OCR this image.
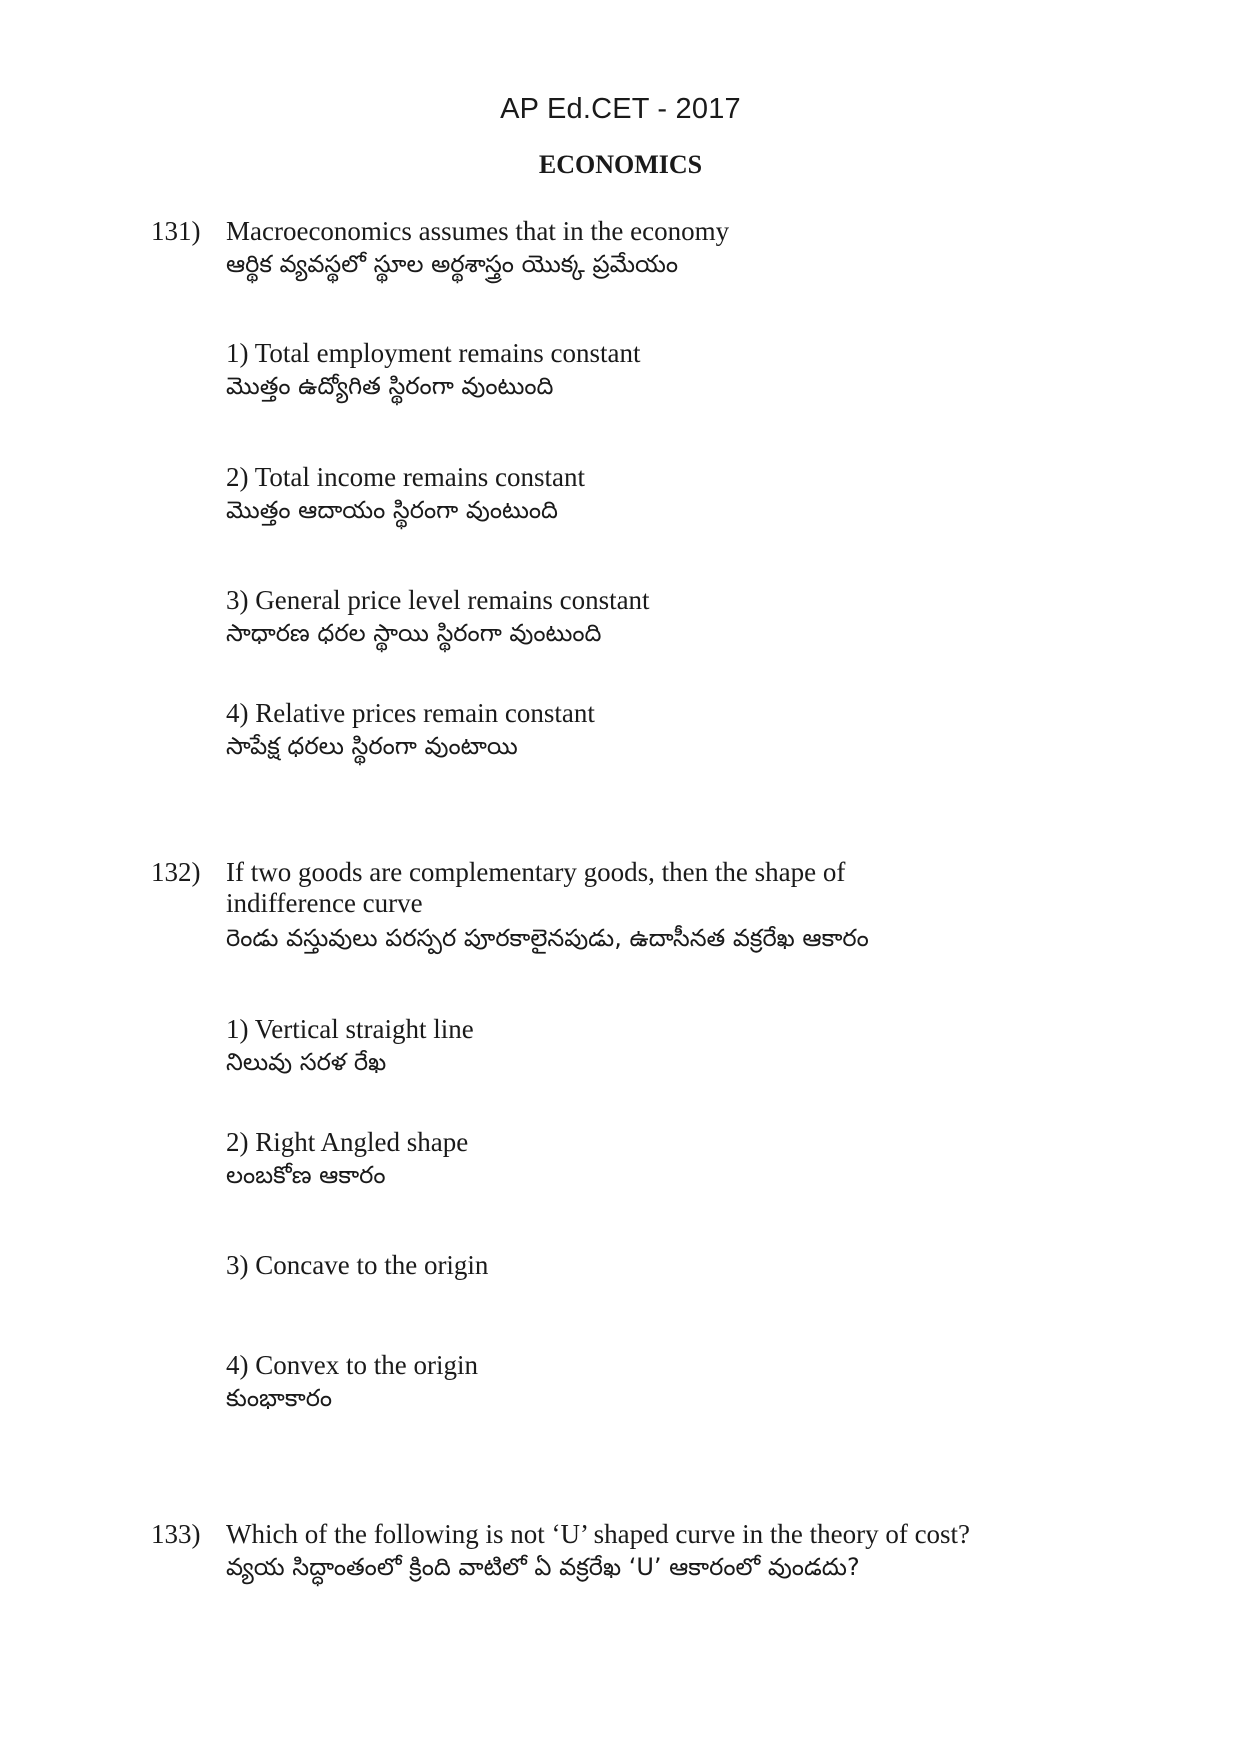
AP Ed.CET - 2017
ECONOMICS
131) Macroeconomics assumes that in the economy
ఆర్థిక వ్యవస్థలో స్థూల అర్థశాస్త్రం యొక్క ప్రమేయం
1) Total employment remains constant
మొత్తం ఉద్యోగిత స్థిరంగా వుంటుంది
2) Total income remains constant
మొత్తం ఆదాయం స్థిరంగా వుంటుంది
3) General price level remains constant
సాధారణ ధరల స్థాయి స్థిరంగా వుంటుంది
4) Relative prices remain constant
సాపేక్ష ధరలు స్థిరంగా వుంటాయి
132) If two goods are complementary goods, then the shape of
indifference curve
రెండు వస్తువులు పరస్పర పూరకాలైనపుడు, ఉదాసీనత వక్రరేఖ ఆకారం
1) Vertical straight line
నిలువు సరళ రేఖ
2) Right Angled shape
లంబకోణ ఆకారం
3) Concave to the origin
4) Convex to the origin
కుంభాకారం
133) Which of the following is not ‘U’ shaped curve in the theory of cost?
వ్యయ సిద్ధాంతంలో క్రింది వాటిలో ఏ వక్రరేఖ ‘U’ ఆకారంలో వుండదు?
